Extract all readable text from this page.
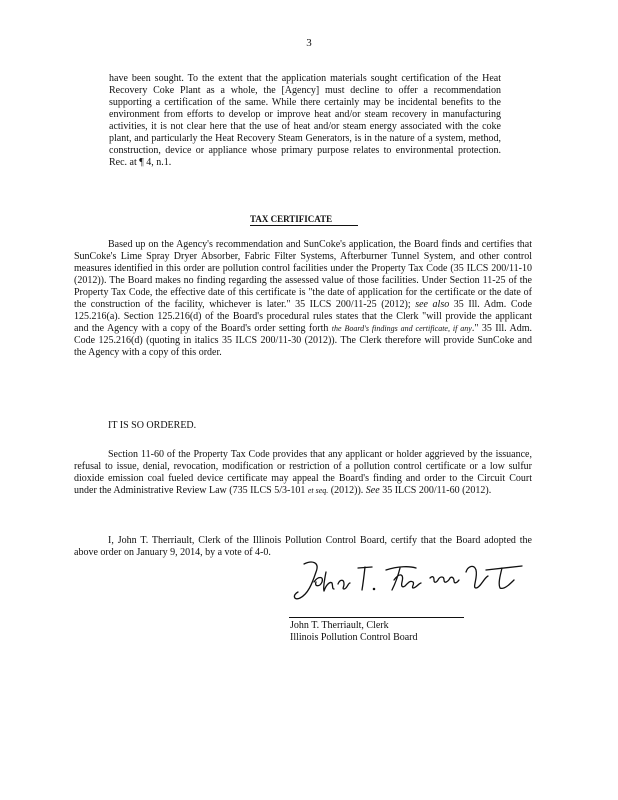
3
have been sought. To the extent that the application materials sought certification of the Heat Recovery Coke Plant as a whole, the [Agency] must decline to offer a recommendation supporting a certification of the same. While there certainly may be incidental benefits to the environment from efforts to develop or improve heat and/or steam recovery in manufacturing activities, it is not clear here that the use of heat and/or steam energy associated with the coke plant, and particularly the Heat Recovery Steam Generators, is in the nature of a system, method, construction, device or appliance whose primary purpose relates to environmental protection. Rec. at ¶ 4, n.1.
TAX CERTIFICATE
Based up on the Agency's recommendation and SunCoke's application, the Board finds and certifies that SunCoke's Lime Spray Dryer Absorber, Fabric Filter Systems, Afterburner Tunnel System, and other control measures identified in this order are pollution control facilities under the Property Tax Code (35 ILCS 200/11-10 (2012)). The Board makes no finding regarding the assessed value of those facilities. Under Section 11-25 of the Property Tax Code, the effective date of this certificate is "the date of application for the certificate or the date of the construction of the facility, whichever is later." 35 ILCS 200/11-25 (2012); see also 35 Ill. Adm. Code 125.216(a). Section 125.216(d) of the Board's procedural rules states that the Clerk "will provide the applicant and the Agency with a copy of the Board's order setting forth the Board's findings and certificate, if any." 35 Ill. Adm. Code 125.216(d) (quoting in italics 35 ILCS 200/11-30 (2012)). The Clerk therefore will provide SunCoke and the Agency with a copy of this order.
IT IS SO ORDERED.
Section 11-60 of the Property Tax Code provides that any applicant or holder aggrieved by the issuance, refusal to issue, denial, revocation, modification or restriction of a pollution control certificate or a low sulfur dioxide emission coal fueled device certificate may appeal the Board's finding and order to the Circuit Court under the Administrative Review Law (735 ILCS 5/3-101 et seq. (2012)). See 35 ILCS 200/11-60 (2012).
I, John T. Therriault, Clerk of the Illinois Pollution Control Board, certify that the Board adopted the above order on January 9, 2014, by a vote of 4-0.
John T. Therriault, Clerk
Illinois Pollution Control Board
